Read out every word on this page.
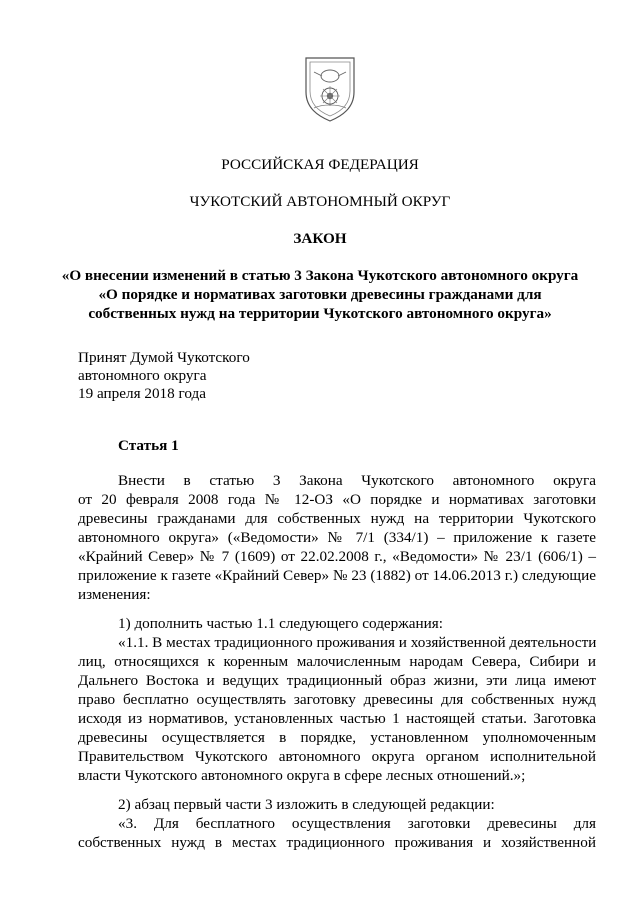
РОССИЙСКАЯ ФЕДЕРАЦИЯ
ЧУКОТСКИЙ АВТОНОМНЫЙ ОКРУГ
ЗАКОН
«О внесении изменений в статью 3 Закона Чукотского автономного округа
«О порядке и нормативах заготовки древесины гражданами для
собственных нужд на территории Чукотского автономного округа»
Принят Думой Чукотского
автономного округа
19 апреля 2018 года
Статья 1
Внести в статью 3 Закона Чукотского автономного округа
от 20 февраля 2008 года № 12-ОЗ «О порядке и нормативах заготовки
древесины гражданами для собственных нужд на территории Чукотского
автономного округа» («Ведомости» № 7/1 (334/1) – приложение к газете
«Крайний Север» № 7 (1609) от 22.02.2008 г., «Ведомости» № 23/1 (606/1) –
приложение к газете «Крайний Север» № 23 (1882) от 14.06.2013 г.) следующие
изменения:
1) дополнить частью 1.1 следующего содержания:
«1.1. В местах традиционного проживания и хозяйственной деятельности
лиц, относящихся к коренным малочисленным народам Севера, Сибири и
Дальнего Востока и ведущих традиционный образ жизни, эти лица имеют
право бесплатно осуществлять заготовку древесины для собственных нужд
исходя из нормативов, установленных частью 1 настоящей статьи. Заготовка
древесины осуществляется в порядке, установленном уполномоченным
Правительством Чукотского автономного округа органом исполнительной
власти Чукотского автономного округа в сфере лесных отношений.»;
2) абзац первый части 3 изложить в следующей редакции:
«3. Для бесплатного осуществления заготовки древесины для
собственных нужд в местах традиционного проживания и хозяйственной
